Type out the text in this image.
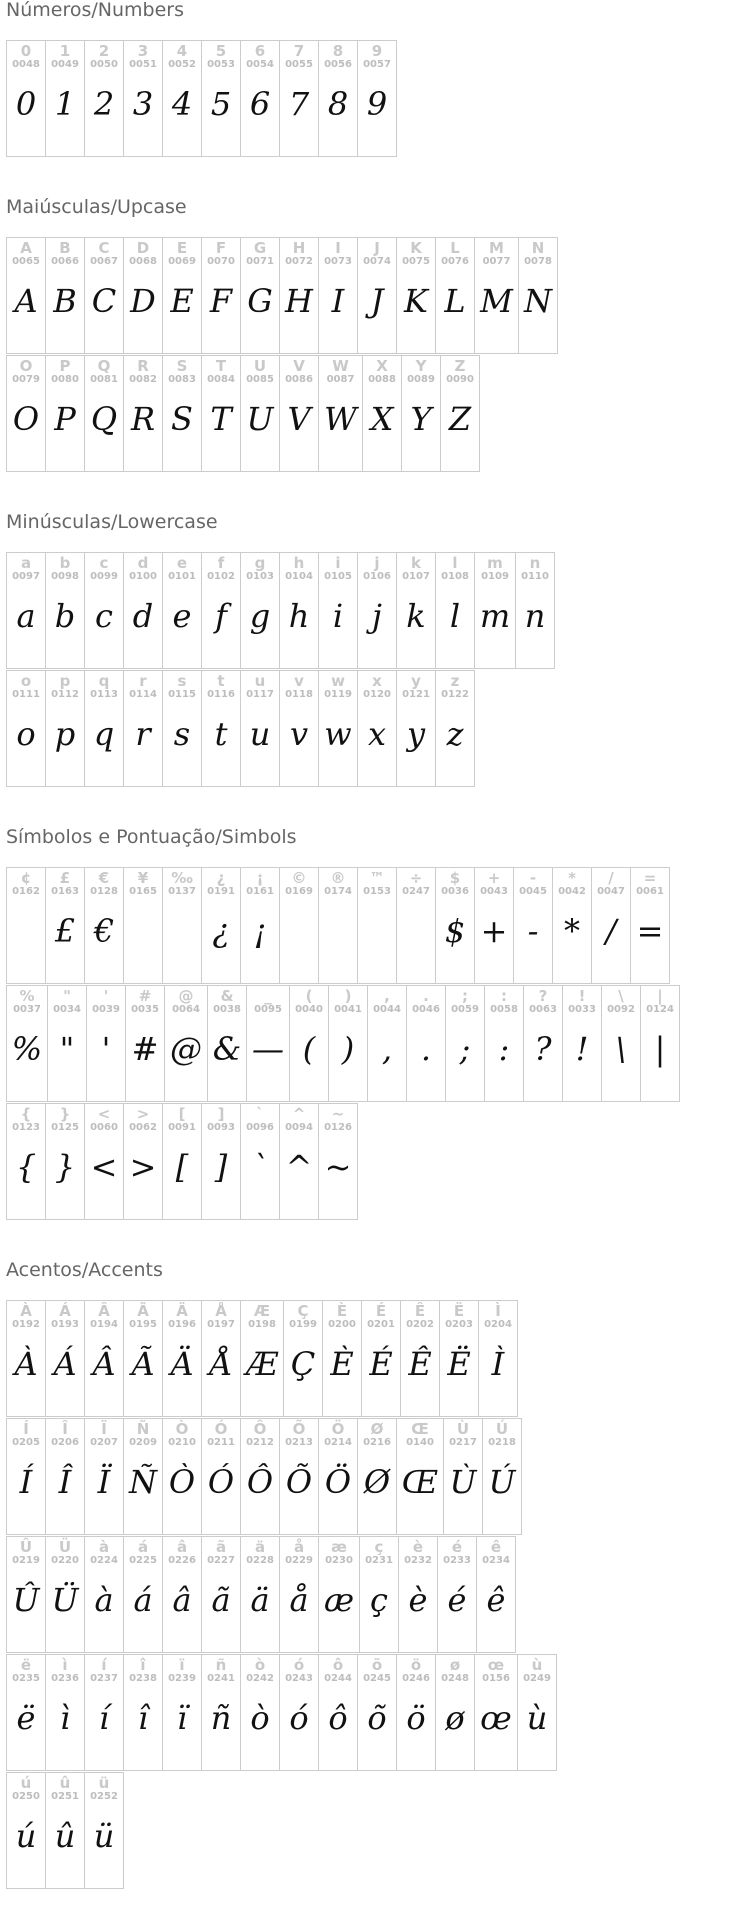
Números/Numbers
0
0048
0
1
0049
1
2
0050
2
3
0051
3
4
0052
4
5
0053
5
6
0054
6
7
0055
7
8
0056
8
9
0057
9
Maiúsculas/Upcase
A
0065
A
B
0066
B
C
0067
C
D
0068
D
E
0069
E
F
0070
F
G
0071
G
H
0072
H
I
0073
I
J
0074
J
K
0075
K
L
0076
L
M
0077
M
N
0078
N
O
0079
O
P
0080
P
Q
0081
Q
R
0082
R
S
0083
S
T
0084
T
U
0085
U
V
0086
V
W
0087
W
X
0088
X
Y
0089
Y
Z
0090
Z
Minúsculas/Lowercase
a
0097
a
b
0098
b
c
0099
c
d
0100
d
e
0101
e
f
0102
f
g
0103
g
h
0104
h
i
0105
i
j
0106
j
k
0107
k
l
0108
l
m
0109
m
n
0110
n
o
0111
o
p
0112
p
q
0113
q
r
0114
r
s
0115
s
t
0116
t
u
0117
u
v
0118
v
w
0119
w
x
0120
x
y
0121
y
z
0122
z
Símbolos e Pontuação/Simbols
¢
0162
£
0163
£
€
0128
€
¥
0165
‰
0137
¿
0191
¿
¡
0161
¡
©
0169
®
0174
™
0153
÷
0247
$
0036
$
+
0043
+
-
0045
-
*
0042
*
/
0047
/
=
0061
=
%
0037
%
"
0034
"
'
0039
'
#
0035
#
@
0064
@
&
0038
&
_
0095
—
(
0040
(
)
0041
)
,
0044
,
.
0046
.
;
0059
;
:
0058
:
?
0063
?
!
0033
!
\
0092
\
|
0124
|
{
0123
{
}
0125
}
<
0060
<
>
0062
>
[
0091
[
]
0093
]
`
0096
`
^
0094
^
~
0126
~
Acentos/Accents
À
0192
À
Á
0193
Á
Â
0194
Â
Ã
0195
Ã
Ä
0196
Ä
Å
0197
Å
Æ
0198
Æ
Ç
0199
Ç
È
0200
È
É
0201
É
Ê
0202
Ê
Ë
0203
Ë
Ì
0204
Ì
Í
0205
Í
Î
0206
Î
Ï
0207
Ï
Ñ
0209
Ñ
Ò
0210
Ò
Ó
0211
Ó
Ô
0212
Ô
Õ
0213
Õ
Ö
0214
Ö
Ø
0216
Ø
Œ
0140
Œ
Ù
0217
Ù
Ú
0218
Ú
Û
0219
Û
Ü
0220
Ü
à
0224
à
á
0225
á
â
0226
â
ã
0227
ã
ä
0228
ä
å
0229
å
æ
0230
æ
ç
0231
ç
è
0232
è
é
0233
é
ê
0234
ê
ë
0235
ë
ì
0236
ì
í
0237
í
î
0238
î
ï
0239
ï
ñ
0241
ñ
ò
0242
ò
ó
0243
ó
ô
0244
ô
õ
0245
õ
ö
0246
ö
ø
0248
ø
œ
0156
œ
ù
0249
ù
ú
0250
ú
û
0251
û
ü
0252
ü
